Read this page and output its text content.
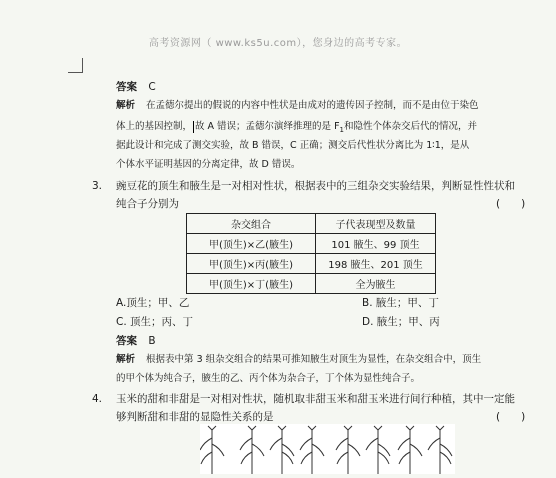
高考资源网（ www.ks5u.com），您身边的高考专家。
答案 C
解析 在孟德尔提出的假说的内容中性状是由成对的遗传因子控制，而不是由位于染色
体上的基因控制， 故 A 错误；孟德尔演绎推理的是 $F_1$和隐性个体杂交后代的情况，并
据此设计和完成了测交实验，故 B 错误，C 正确；测交后代性状分离比为 1∶1，是从
个体水平证明基因的分离定律，故 D 错误。
3. 豌豆花的顶生和腋生是一对相对性状，根据表中的三组杂交实验结果，判断显性性状和
纯合子分别为	(　　)
杂交组合	子代表现型及数量
甲(顶生)×乙(腋生)	101 腋生、99 顶生
甲(顶生)×丙(腋生)	198 腋生、201 顶生
甲(顶生)×丁(腋生)	全为腋生
A.顶生；甲、乙	B. 腋生；甲、丁
C. 顶生；丙、丁	D. 腋生；甲、丙
答案 B
解析 根据表中第 3 组杂交组合的结果可推知腋生对顶生为显性，在杂交组合中，顶生
的甲个体为纯合子，腋生的乙、丙个体为杂合子，丁个体为显性纯合子。
4. 玉米的甜和非甜是一对相对性状，随机取非甜玉米和甜玉米进行间行种植，其中一定能
够判断甜和非甜的显隐性关系的是	(　　)
